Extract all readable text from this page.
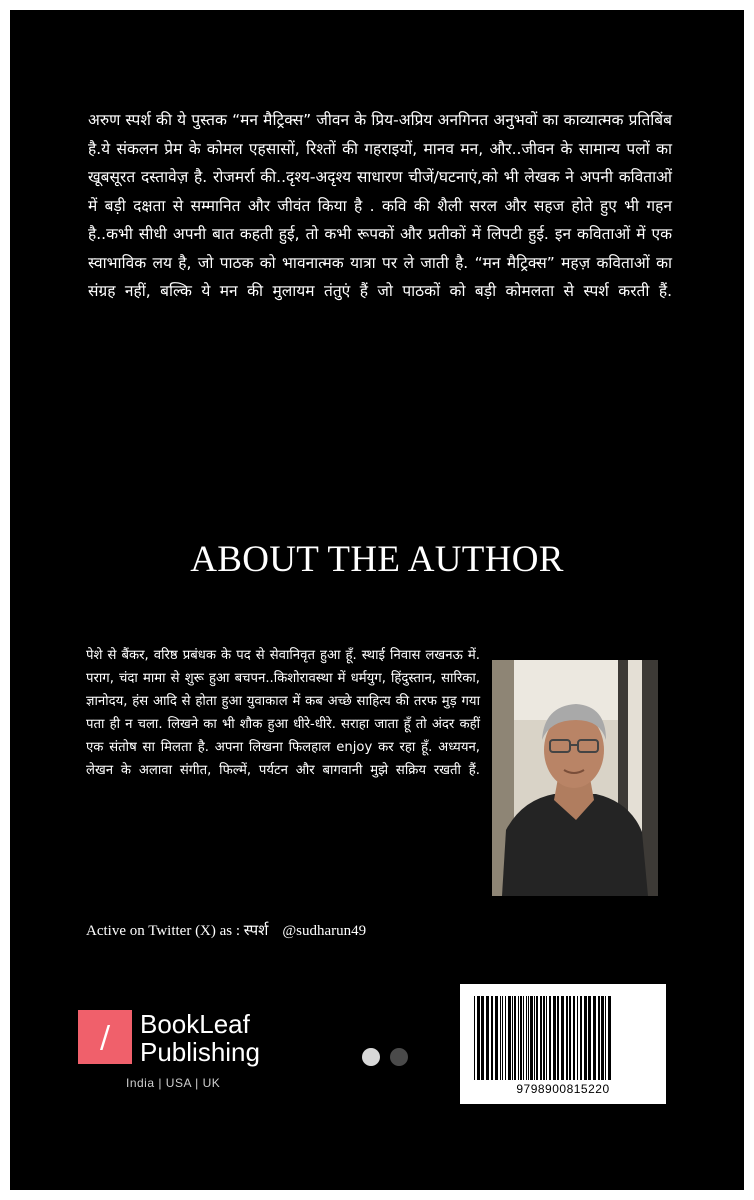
अरुण स्पर्श की ये पुस्तक “मन मैट्रिक्स” जीवन के प्रिय-अप्रिय अनगिनत अनुभवों का काव्यात्मक प्रतिबिंब है.ये संकलन प्रेम के कोमल एहसासों, रिश्तों की गहराइयों, मानव मन, और..जीवन के सामान्य पलों का खूबसूरत दस्तावेज़ है. रोजमर्रा की..दृश्य-अदृश्य साधारण चीजें/घटनाएं,को भी लेखक ने अपनी कविताओं में बड़ी दक्षता से सम्मानित और जीवंत किया है . कवि की शैली सरल और सहज होते हुए भी गहन है..कभी सीधी अपनी बात कहती हुई, तो कभी रूपकों और प्रतीकों में लिपटी हुई. इन कविताओं में एक स्वाभाविक लय है, जो पाठक को भावनात्मक यात्रा पर ले जाती है. “मन मैट्रिक्स” महज़ कविताओं का संग्रह नहीं, बल्कि ये मन की मुलायम तंतुएं हैं जो पाठकों को बड़ी कोमलता से स्पर्श करती हैं.
ABOUT THE AUTHOR
पेशे से बैंकर, वरिष्ठ प्रबंधक के पद से सेवानिवृत हुआ हूँ. स्थाई निवास लखनऊ में. पराग, चंदा मामा से शुरू हुआ बचपन..किशोरावस्था में धर्मयुग, हिंदुस्तान, सारिका, ज्ञानोदय, हंस आदि से होता हुआ युवाकाल में कब अच्छे साहित्य की तरफ मुड़ गया पता ही न चला. लिखने का भी शौक हुआ धीरे-धीरे. सराहा जाता हूँ तो अंदर कहीं एक संतोष सा मिलता है. अपना लिखना फिलहाल enjoy कर रहा हूँ. अध्ययन, लेखन के अलावा संगीत, फिल्में, पर्यटन और बागवानी मुझे सक्रिय रखती हैं.
Active on Twitter (X) as : स्पर्श @sudharun49
/	BookLeaf
Publishing
India | USA | UK	9798900815220
